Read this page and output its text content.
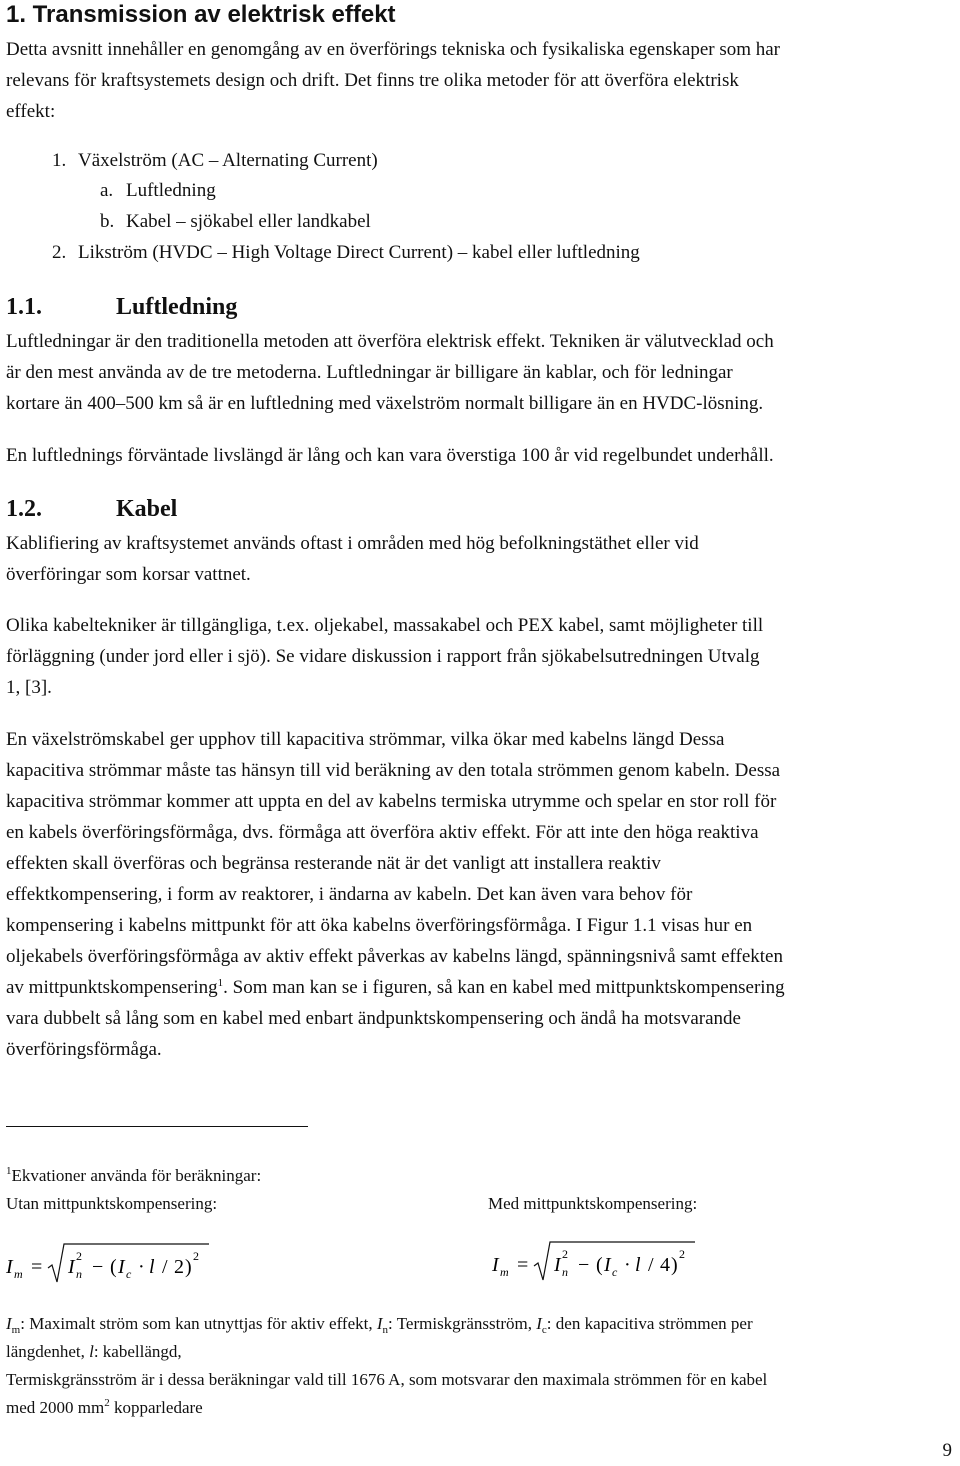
1. Transmission av elektrisk effekt

Detta avsnitt innehåller en genomgång av en överförings tekniska och fysikaliska egenskaper som har
relevans för kraftsystemets design och drift. Det finns tre olika metoder för att överföra elektrisk
effekt:

1. Växelström (AC – Alternating Current)
a. Luftledning
b. Kabel – sjökabel eller landkabel
2. Likström (HVDC – High Voltage Direct Current) – kabel eller luftledning
1.1.	Luftledning

Luftledningar är den traditionella metoden att överföra elektrisk effekt. Tekniken är välutvecklad och
är den mest använda av de tre metoderna. Luftledningar är billigare än kablar, och för ledningar
kortare än 400–500 km så är en luftledning med växelström normalt billigare än en HVDC-lösning.

En luftlednings förväntade livslängd är lång och kan vara överstiga 100 år vid regelbundet underhåll.

1.2.	Kabel

Kablifiering av kraftsystemet används oftast i områden med hög befolkningstäthet eller vid
överföringar som korsar vattnet.

Olika kabeltekniker är tillgängliga, t.ex. oljekabel, massakabel och PEX kabel, samt möjligheter till
förläggning (under jord eller i sjö). Se vidare diskussion i rapport från sjökabelsutredningen Utvalg
1, [3].

En växelströmskabel ger upphov till kapacitiva strömmar, vilka ökar med kabelns längd Dessa
kapacitiva strömmar måste tas hänsyn till vid beräkning av den totala strömmen genom kabeln. Dessa
kapacitiva strömmar kommer att uppta en del av kabelns termiska utrymme och spelar en stor roll för
en kabels överföringsförmåga, dvs. förmåga att överföra aktiv effekt. För att inte den höga reaktiva
effekten skall överföras och begränsa resterande nät är det vanligt att installera reaktiv
effektkompensering, i form av reaktorer, i ändarna av kabeln. Det kan även vara behov för
kompensering i kabelns mittpunkt för att öka kabelns överföringsförmåga. I Figur 1.1 visas hur en
oljekabels överföringsförmåga av aktiv effekt påverkas av kabelns längd, spänningsnivå samt effekten
av mittpunktskompensering$^1$. Som man kan se i figuren, så kan en kabel med mittpunktskompensering
vara dubbelt så lång som en kabel med enbart ändpunktskompensering och ändå ha motsvarande
överföringsförmåga.

$^1$Ekvationer använda för beräkningar:

Utan mittpunktskompensering:	Med mittpunktskompensering:

I m = I n
2 − ( I c · l / 2 ) 2	I m = I n
2 − ( I c · l / 4 ) 2

$I_m$: Maximalt ström som kan utnyttjas för aktiv effekt, $I_n$: Termiskgränsström, $I_c$: den kapacitiva strömmen per

längdenhet, l: kabellängd,

Termiskgränsström är i dessa beräkningar vald till 1676 A, som motsvarar den maximala strömmen för en kabel

med 2000 $mm^2$ kopparledare

9
